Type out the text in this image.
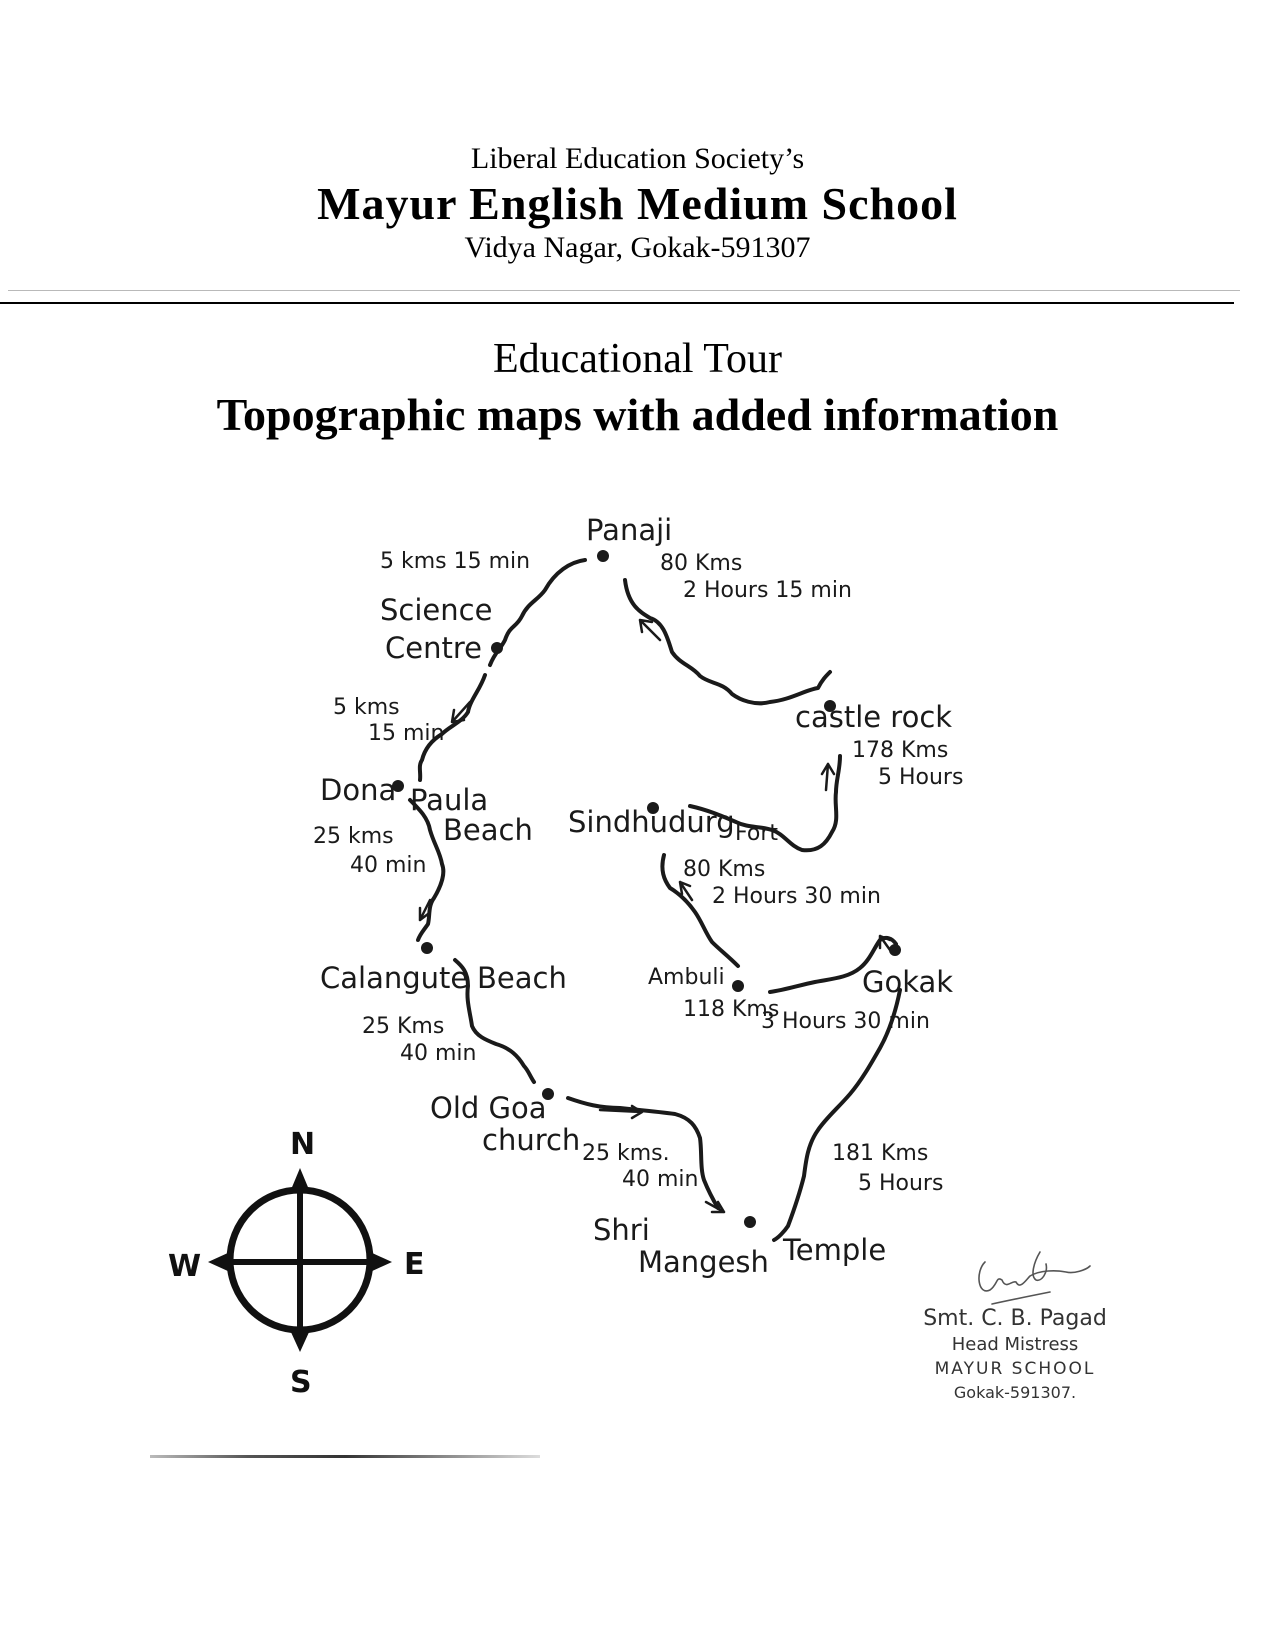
Liberal Education Society’s
Mayur English Medium School
Vidya Nagar, Gokak-591307
Educational Tour
Topographic maps with added information
Panaji
Science
Centre
castle rock
Dona Paula
Beach Sindhudurg Fort
Calangute Beach	Ambuli	Gokak
Old Goa
church
Shri
Mangesh Temple
5 kms 15 min	80 Kms
2 Hours 15 min
5 kms
15 min
178 Kms
5 Hours
25 kms
40 min	80 Kms
2 Hours 30 min
118 Kms
3 Hours 30 min
25 Kms
40 min
25 kms.
40 min
181 Kms
5 Hours
N
S
E
W
Smt. C. B. Pagad
Head Mistress
MAYUR SCHOOL
Gokak-591307.
